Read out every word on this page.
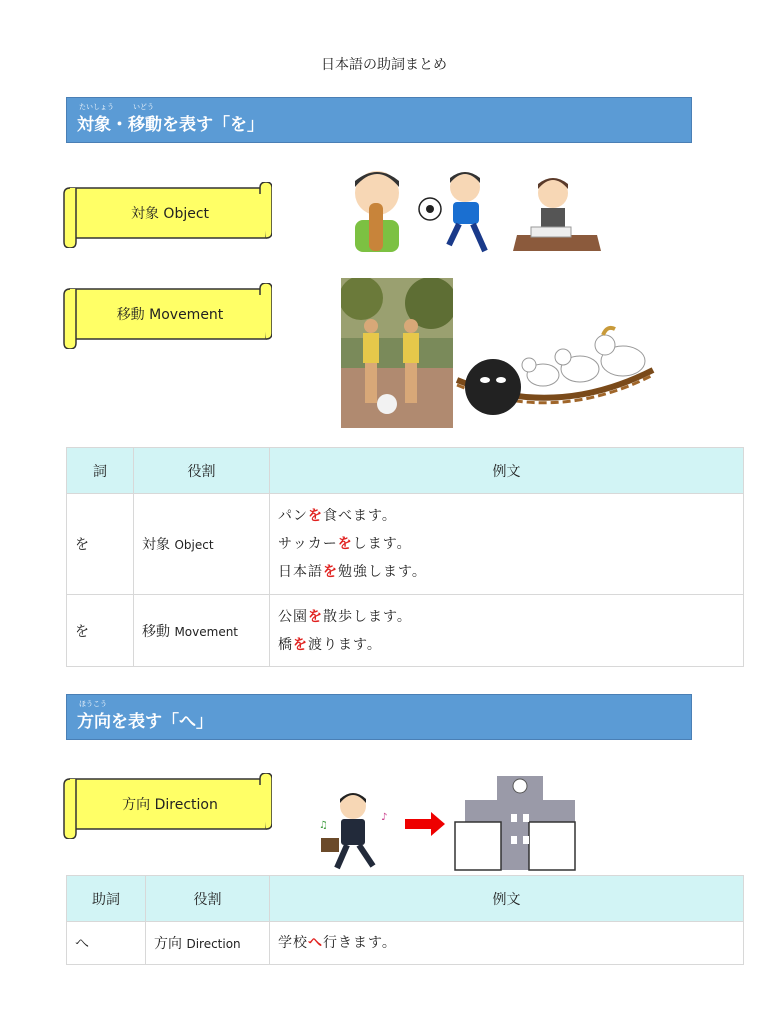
日本語の助詞まとめ
たいしょう	いどう
対象・移動を表す「を」
対象 Object
移動 Movement
詞	役割	例文
を	対象 Object	パンを食べます。
サッカーをします。
日本語を勉強します。

を	移動 Movement	公園を散歩します。
橋を渡ります。
ほうこう
方向を表す「へ」
方向 Direction
♫
♪
助詞	役割	例文
へ	方向 Direction	学校へ行きます。
